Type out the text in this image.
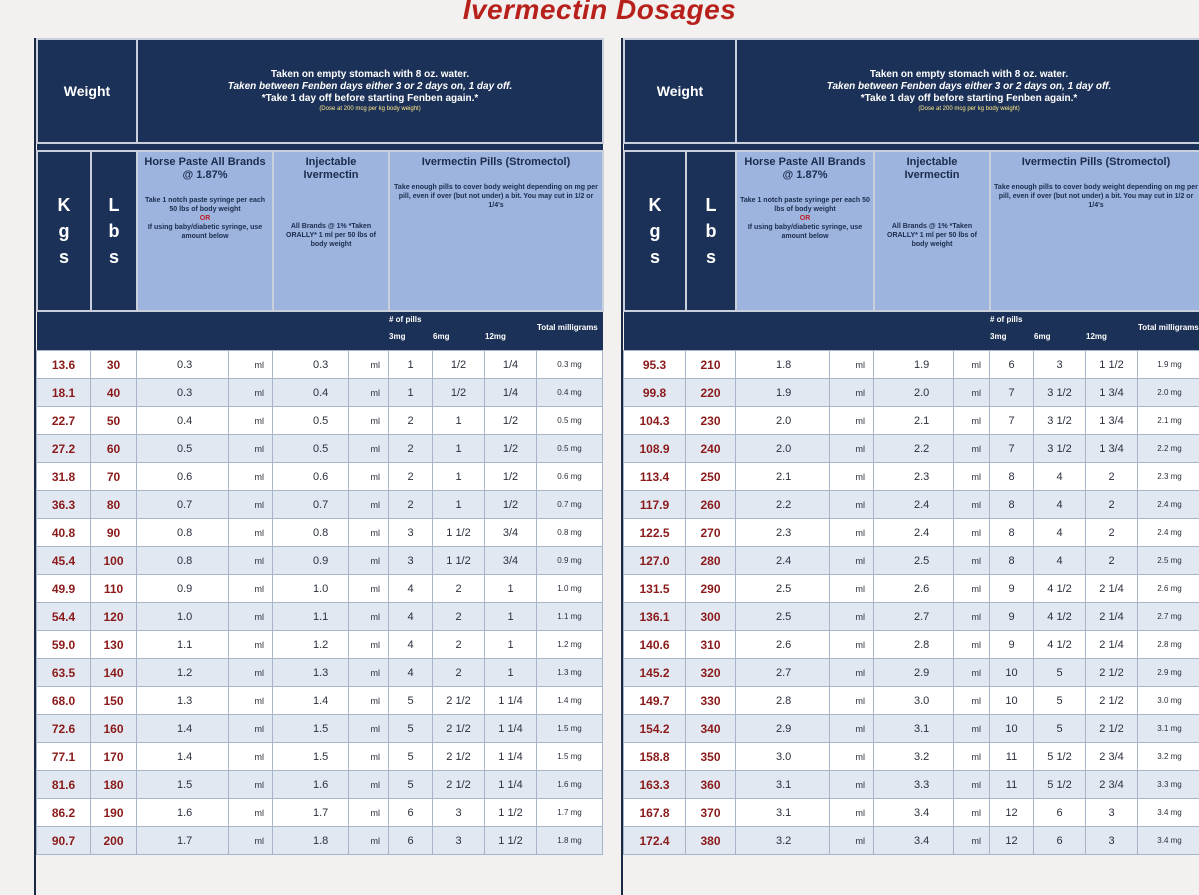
Ivermectin Dosages
Weight		Taken on empty stomach with 8 oz. water.
Taken between Fenben days either 3 or 2 days on, 1 day off.
*Take 1 day off before starting Fenben again.*
(Dose at 200 mcg per kg body weight)					

K
g
s	L
b
s	Horse Paste All Brands @ 1.87%
Take 1 notch paste syringe per each 50 lbs of body weight
OR
If using baby/diabetic syringe, use amount below	Injectable Ivermectin
All Brands @ 1% *Taken ORALLY* 1 ml per 50 lbs of body weight	Ivermectin Pills (Stromectol)
Take enough pills to cover body weight depending on mg per pill, even if over (but not under) a bit. You may cut in 1/2 or 1/4's			

				# of pills			Total milligrams
				3mg	6mg	12mg	

13.6	30	0.3	ml	0.3	ml	1	1/2	1/4	0.3 mg
18.1	40	0.3	ml	0.4	ml	1	1/2	1/4	0.4 mg
22.7	50	0.4	ml	0.5	ml	2	1	1/2	0.5 mg
27.2	60	0.5	ml	0.5	ml	2	1	1/2	0.5 mg
31.8	70	0.6	ml	0.6	ml	2	1	1/2	0.6 mg
36.3	80	0.7	ml	0.7	ml	2	1	1/2	0.7 mg
40.8	90	0.8	ml	0.8	ml	3	1 1/2	3/4	0.8 mg
45.4	100	0.8	ml	0.9	ml	3	1 1/2	3/4	0.9 mg
49.9	110	0.9	ml	1.0	ml	4	2	1	1.0 mg
54.4	120	1.0	ml	1.1	ml	4	2	1	1.1 mg
59.0	130	1.1	ml	1.2	ml	4	2	1	1.2 mg
63.5	140	1.2	ml	1.3	ml	4	2	1	1.3 mg
68.0	150	1.3	ml	1.4	ml	5	2 1/2	1 1/4	1.4 mg
72.6	160	1.4	ml	1.5	ml	5	2 1/2	1 1/4	1.5 mg
77.1	170	1.4	ml	1.5	ml	5	2 1/2	1 1/4	1.5 mg
81.6	180	1.5	ml	1.6	ml	5	2 1/2	1 1/4	1.6 mg
86.2	190	1.6	ml	1.7	ml	6	3	1 1/2	1.7 mg
90.7	200	1.7	ml	1.8	ml	6	3	1 1/2	1.8 mg
Weight		Taken on empty stomach with 8 oz. water.
Taken between Fenben days either 3 or 2 days on, 1 day off.
*Take 1 day off before starting Fenben again.*
(Dose at 200 mcg per kg body weight)					

K
g
s	L
b
s	Horse Paste All Brands @ 1.87%
Take 1 notch paste syringe per each 50 lbs of body weight
OR
If using baby/diabetic syringe, use amount below	Injectable Ivermectin
All Brands @ 1% *Taken ORALLY* 1 ml per 50 lbs of body weight	Ivermectin Pills (Stromectol)
Take enough pills to cover body weight depending on mg per pill, even if over (but not under) a bit. You may cut in 1/2 or 1/4's			

				# of pills			Total milligrams
				3mg	6mg	12mg	

95.3	210	1.8	ml	1.9	ml	6	3	1 1/2	1.9 mg
99.8	220	1.9	ml	2.0	ml	7	3 1/2	1 3/4	2.0 mg
104.3	230	2.0	ml	2.1	ml	7	3 1/2	1 3/4	2.1 mg
108.9	240	2.0	ml	2.2	ml	7	3 1/2	1 3/4	2.2 mg
113.4	250	2.1	ml	2.3	ml	8	4	2	2.3 mg
117.9	260	2.2	ml	2.4	ml	8	4	2	2.4 mg
122.5	270	2.3	ml	2.4	ml	8	4	2	2.4 mg
127.0	280	2.4	ml	2.5	ml	8	4	2	2.5 mg
131.5	290	2.5	ml	2.6	ml	9	4 1/2	2 1/4	2.6 mg
136.1	300	2.5	ml	2.7	ml	9	4 1/2	2 1/4	2.7 mg
140.6	310	2.6	ml	2.8	ml	9	4 1/2	2 1/4	2.8 mg
145.2	320	2.7	ml	2.9	ml	10	5	2 1/2	2.9 mg
149.7	330	2.8	ml	3.0	ml	10	5	2 1/2	3.0 mg
154.2	340	2.9	ml	3.1	ml	10	5	2 1/2	3.1 mg
158.8	350	3.0	ml	3.2	ml	11	5 1/2	2 3/4	3.2 mg
163.3	360	3.1	ml	3.3	ml	11	5 1/2	2 3/4	3.3 mg
167.8	370	3.1	ml	3.4	ml	12	6	3	3.4 mg
172.4	380	3.2	ml	3.4	ml	12	6	3	3.4 mg
